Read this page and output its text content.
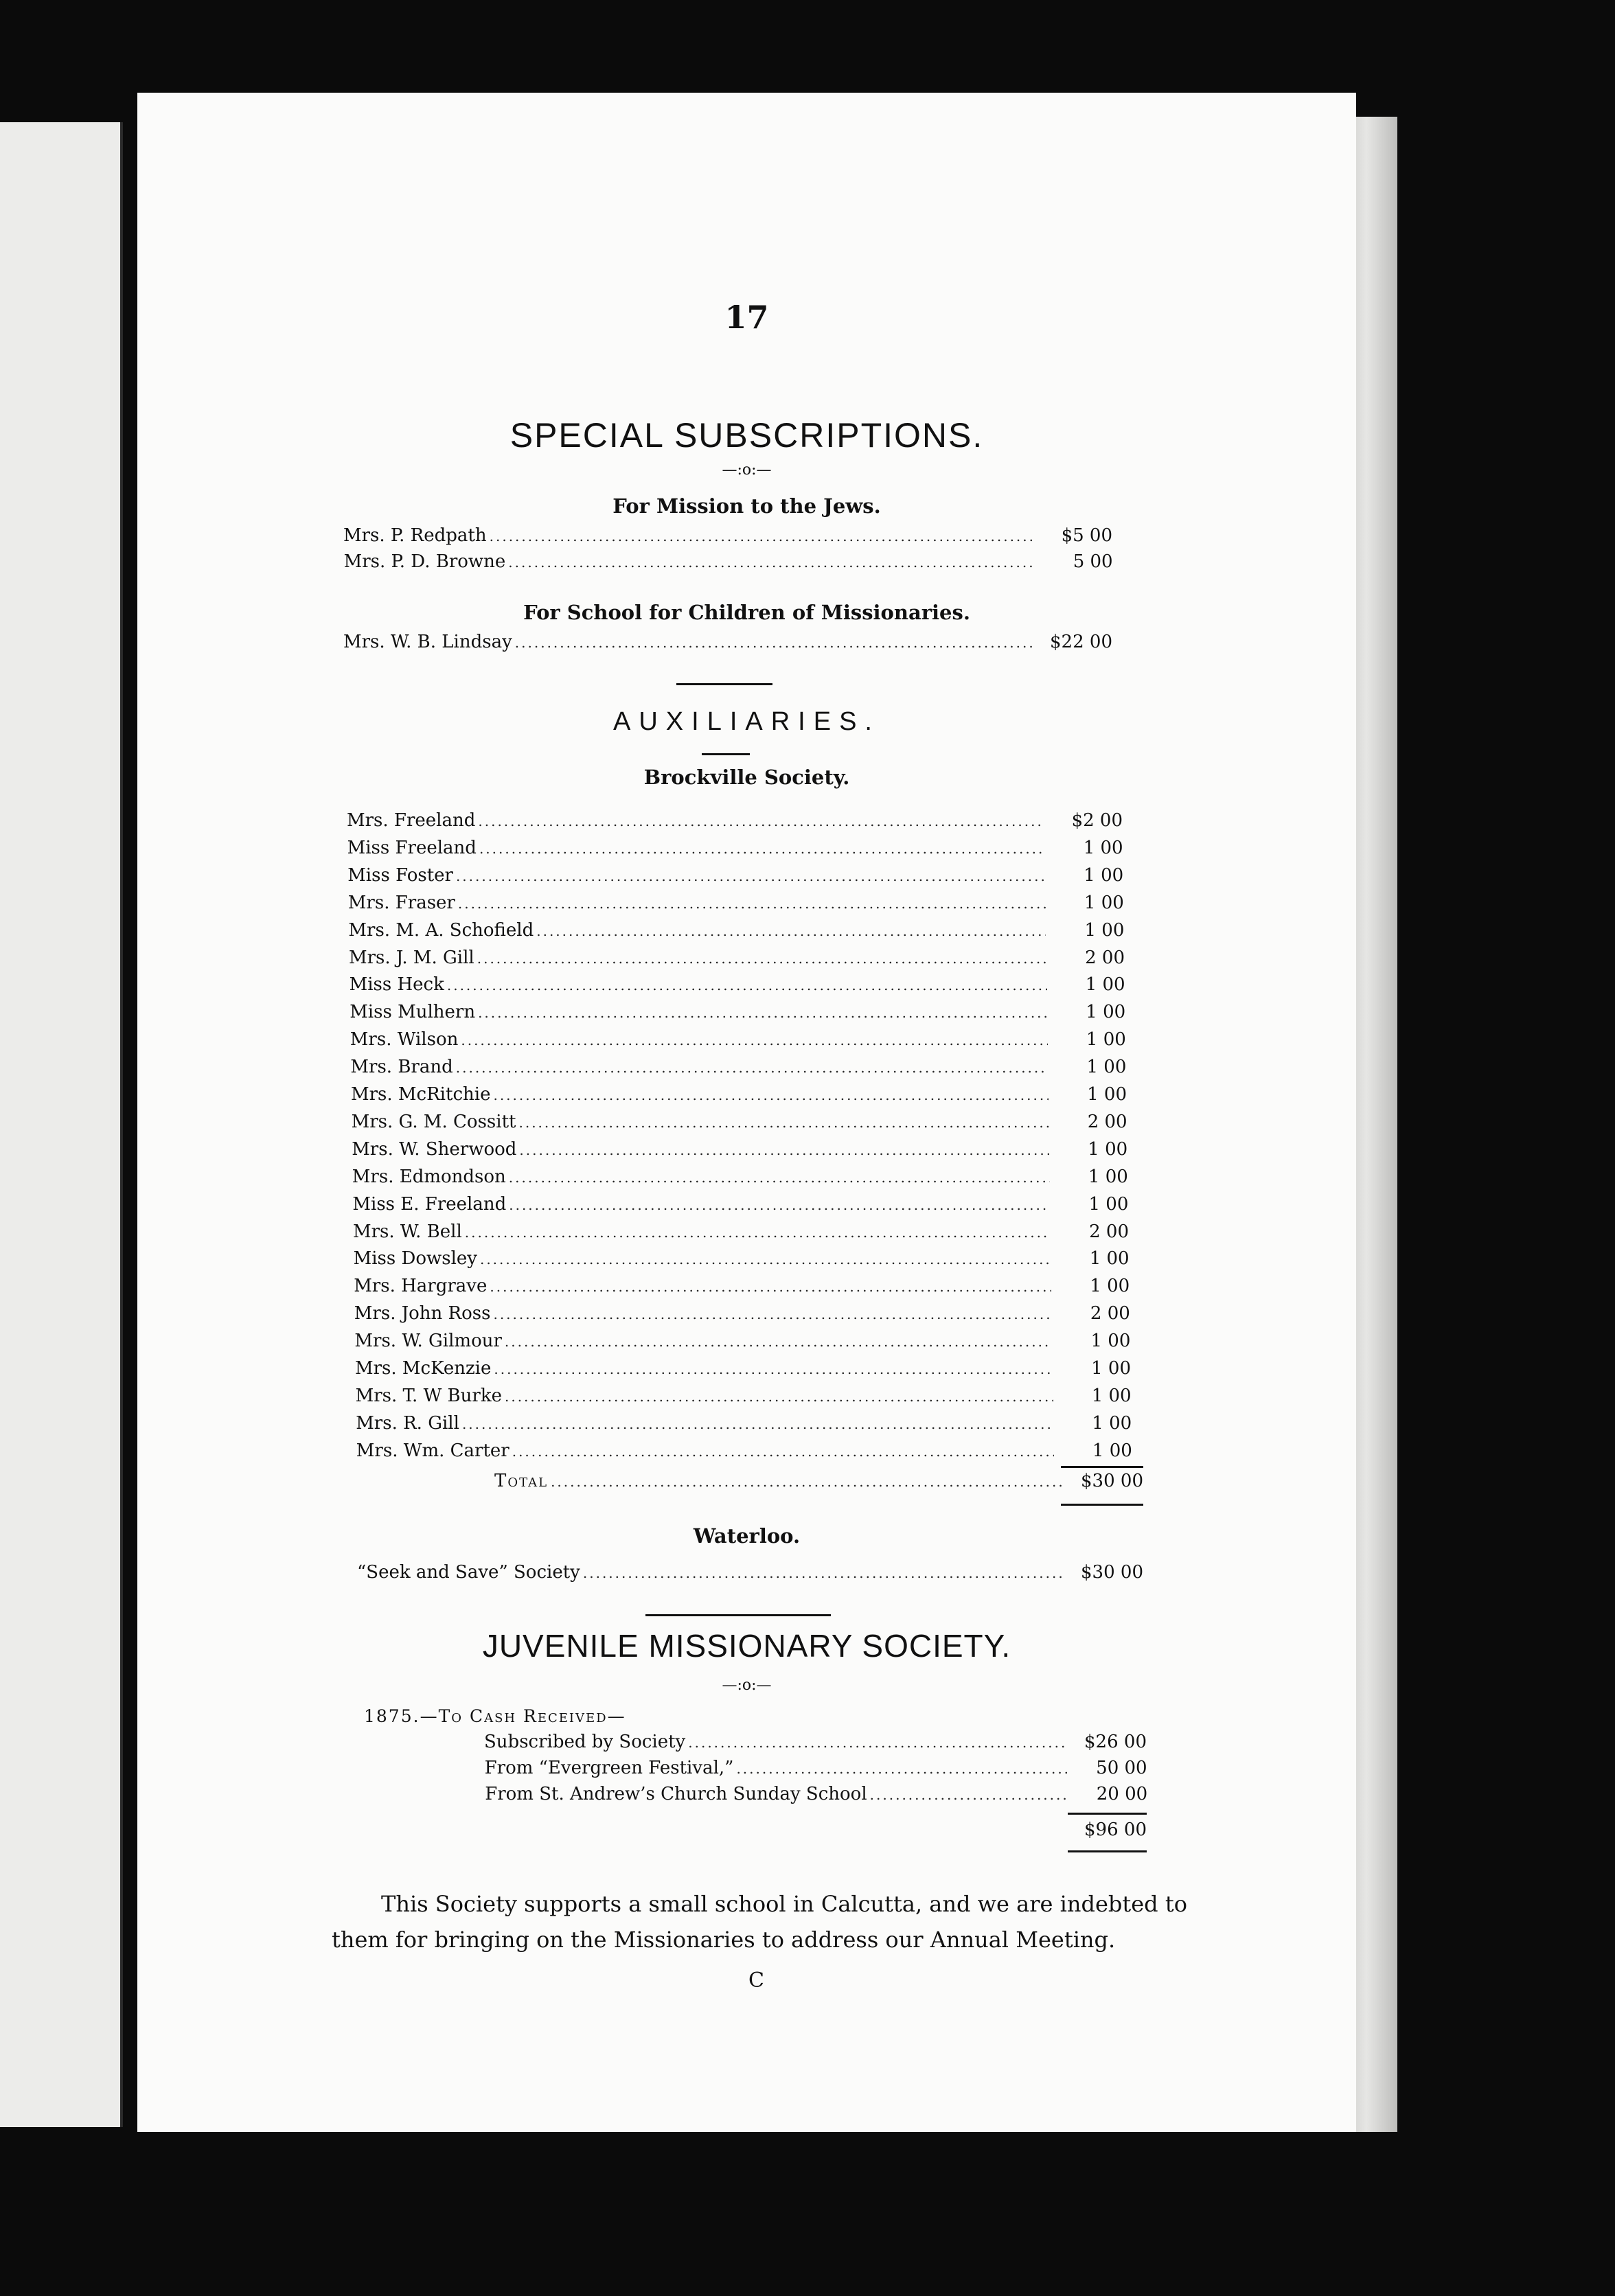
17
SPECIAL SUBSCRIPTIONS.
—:o:—
For Mission to the Jews.
Mrs. P. Redpath .....	$5 00
Mrs. P. D. Browne .....	5 00
For School for Children of Missionaries.
Mrs. W. B. Lindsay .....	$22 00
AUXILIARIES.
Brockville Society.
Mrs. Freeland .....	$2 00
Miss Freeland .....	1 00
Miss Foster .....	1 00
Mrs. Fraser .....	1 00
Mrs. M. A. Schofield .....	1 00
Mrs. J. M. Gill .....	2 00
Miss Heck .....	1 00
Miss Mulhern .....	1 00
Mrs. Wilson .....	1 00
Mrs. Brand .....	1 00
Mrs. McRitchie .....	1 00
Mrs. G. M. Cossitt .....	2 00
Mrs. W. Sherwood .....	1 00
Mrs. Edmondson .....	1 00
Miss E. Freeland .....	1 00
Mrs. W. Bell .....	2 00
Miss Dowsley .....	1 00
Mrs. Hargrave .....	1 00
Mrs. John Ross .....	2 00
Mrs. W. Gilmour .....	1 00
Mrs. McKenzie .....	1 00
Mrs. T. W Burke .....	1 00
Mrs. R. Gill .....	1 00
Mrs. Wm. Carter .....	1 00
Total .....	$30 00
Waterloo.
“Seek and Save” Society .....	$30 00
JUVENILE MISSIONARY SOCIETY.
—:o:—
1875.—To Cash Received—
Subscribed by Society .....	$26 00
From “Evergreen Festival,” .....	50 00
From St. Andrew’s Church Sunday School .....	20 00
$96 00
This Society supports a small school in Calcutta, and we are indebted to
them for bringing on the Missionaries to address our Annual Meeting.
C
